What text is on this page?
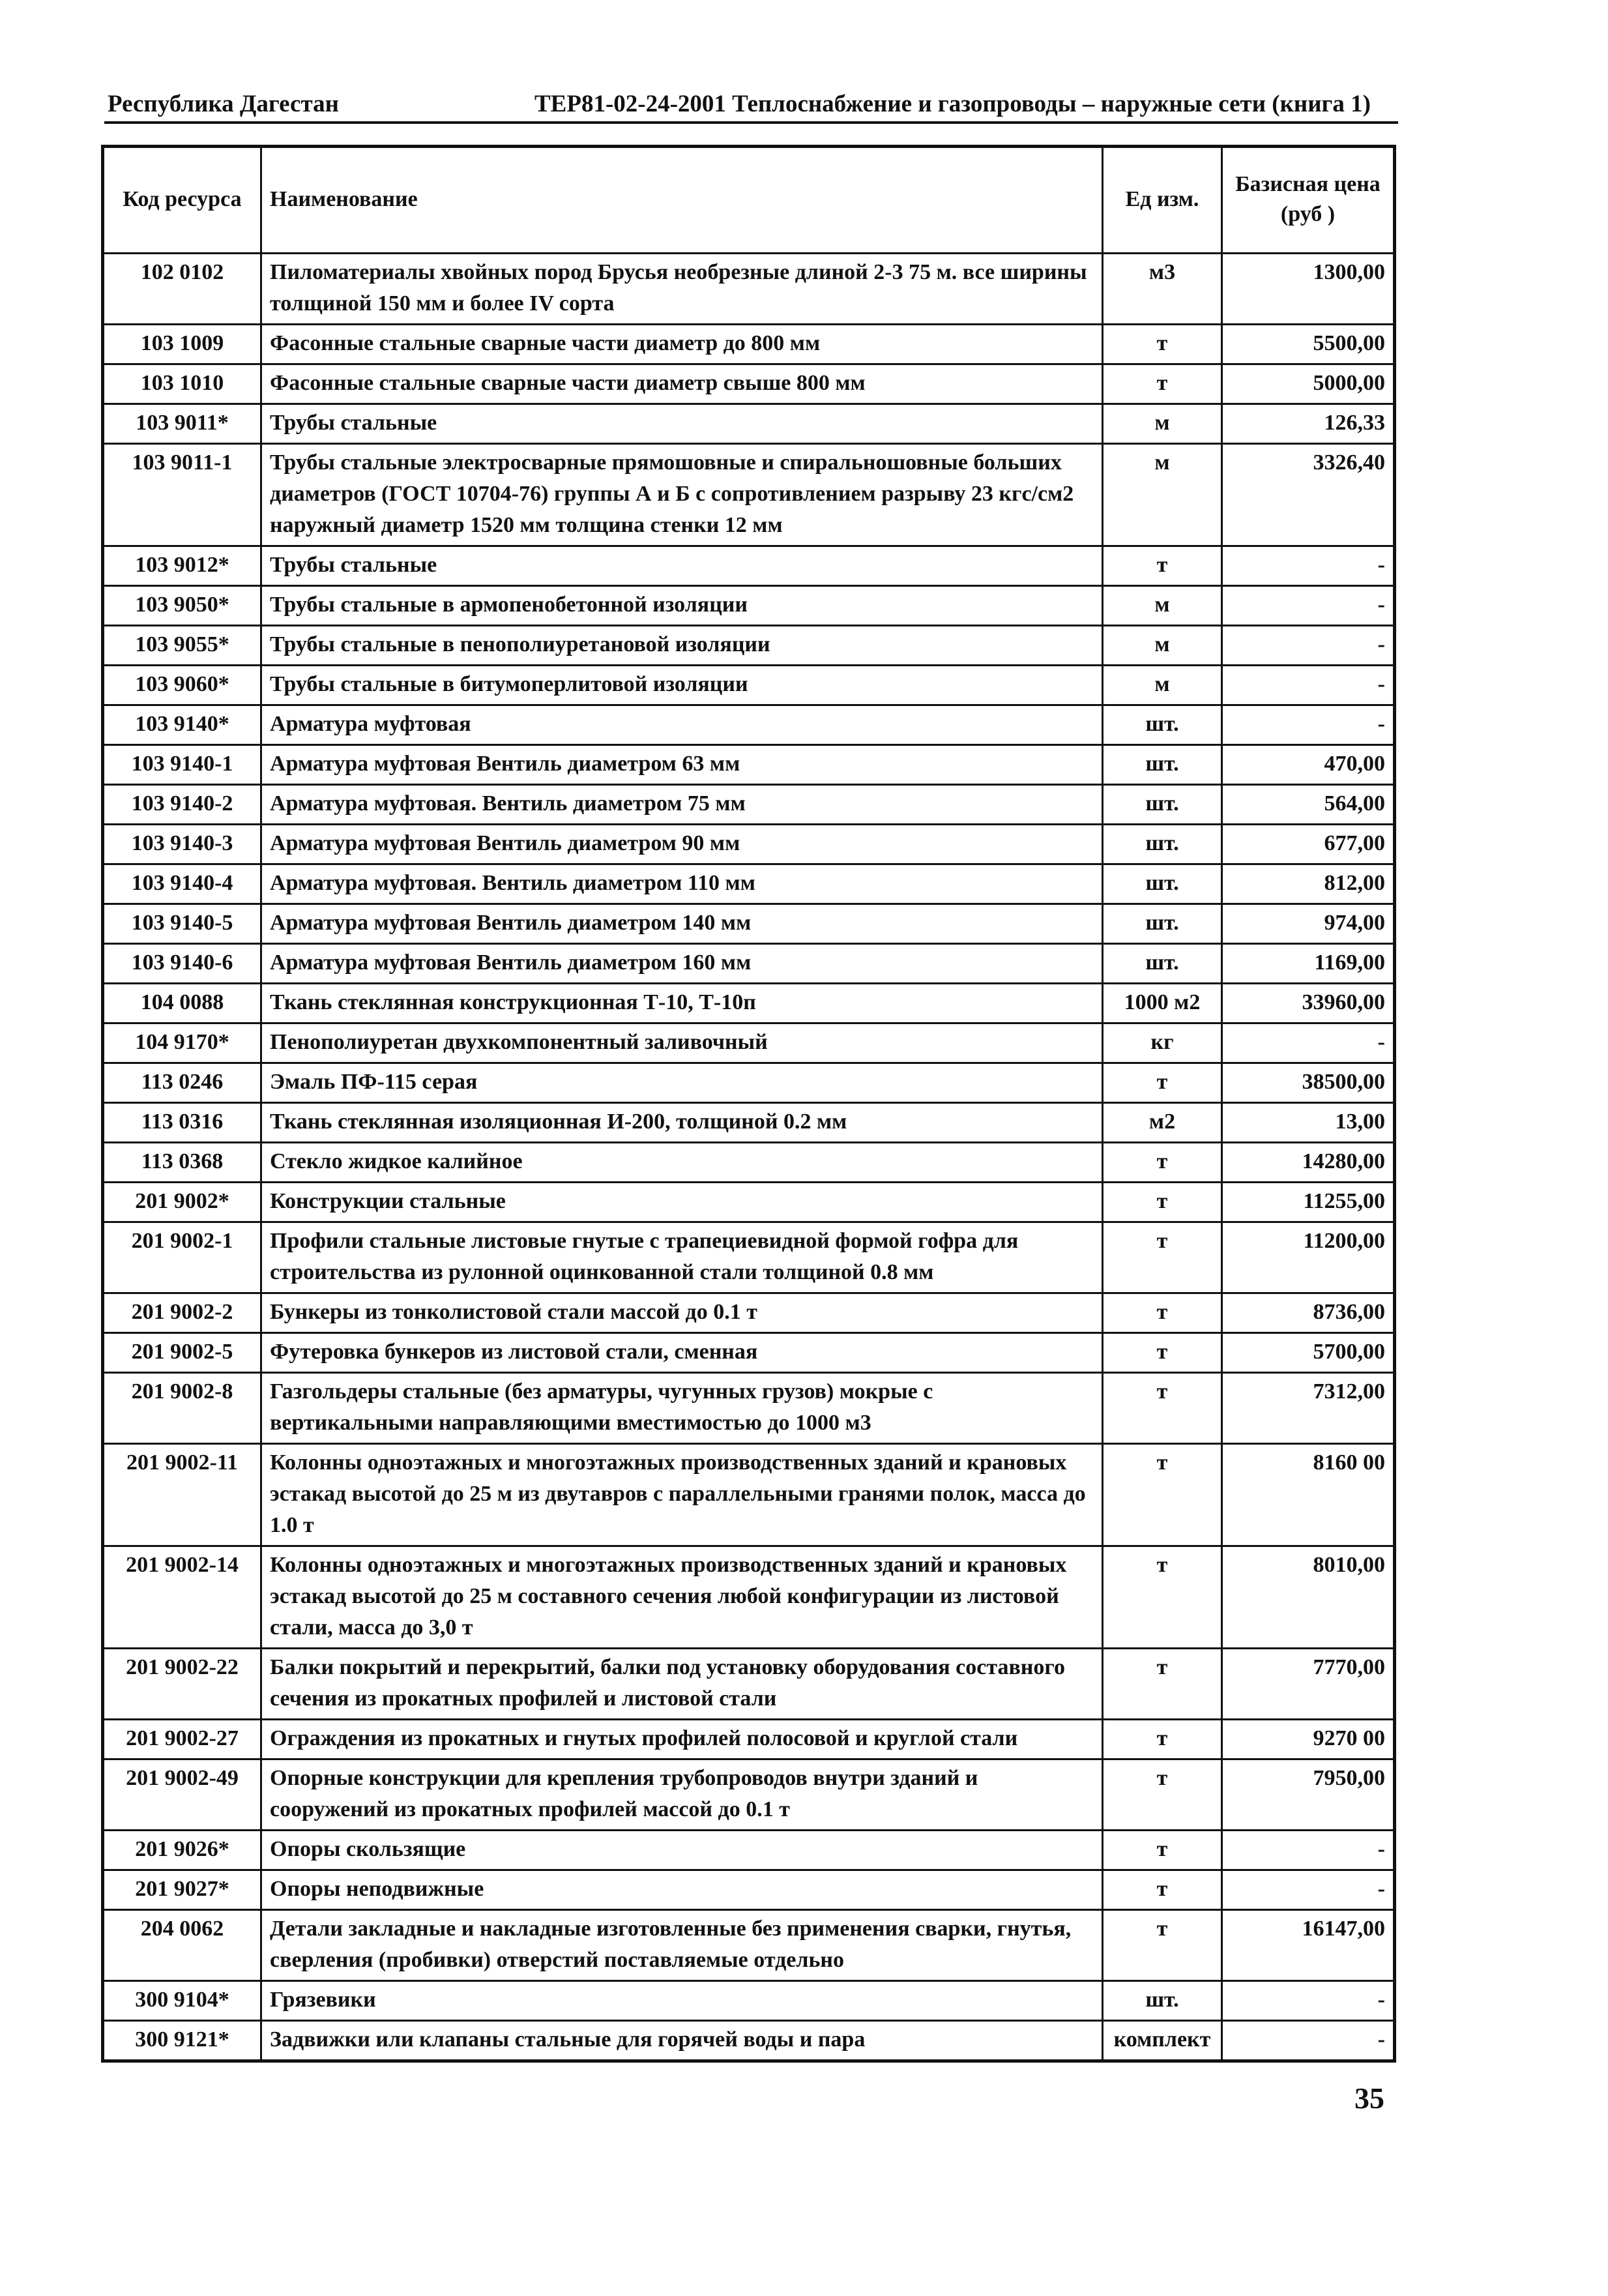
Республика Дагестан	ТЕР81-02-24-2001 Теплоснабжение и газопроводы – наружные сети (книга 1)
Код ресурса	Наименование	Ед изм.	Базисная цена (руб )
102 0102	Пиломатериалы хвойных пород Брусья необрезные длиной 2-3 75 м. все ширины толщиной 150 мм и более IV сорта	м3	1300,00
103 1009	Фасонные стальные сварные части диаметр до 800 мм	т	5500,00
103 1010	Фасонные стальные сварные части диаметр свыше 800 мм	т	5000,00
103 9011*	Трубы стальные	м	126,33
103 9011-1	Трубы стальные электросварные прямошовные и спиральношовные больших диаметров (ГОСТ 10704-76) группы А и Б с сопротивлением разрыву 23 кгс/см2 наружный диаметр 1520 мм толщина стенки 12 мм	м	3326,40
103 9012*	Трубы стальные	т	-
103 9050*	Трубы стальные в армопенобетонной изоляции	м	-
103 9055*	Трубы стальные в пенополиуретановой изоляции	м	-
103 9060*	Трубы стальные в битумоперлитовой изоляции	м	-
103 9140*	Арматура муфтовая	шт.	-
103 9140-1	Арматура муфтовая Вентиль диаметром 63 мм	шт.	470,00
103 9140-2	Арматура муфтовая. Вентиль диаметром 75 мм	шт.	564,00
103 9140-3	Арматура муфтовая Вентиль диаметром 90 мм	шт.	677,00
103 9140-4	Арматура муфтовая. Вентиль диаметром 110 мм	шт.	812,00
103 9140-5	Арматура муфтовая Вентиль диаметром 140 мм	шт.	974,00
103 9140-6	Арматура муфтовая Вентиль диаметром 160 мм	шт.	1169,00
104 0088	Ткань стеклянная конструкционная Т-10, Т-10п	1000 м2	33960,00
104 9170*	Пенополиуретан двухкомпонентный заливочный	кг	-
113 0246	Эмаль ПФ-115 серая	т	38500,00
113 0316	Ткань стеклянная изоляционная И-200, толщиной 0.2 мм	м2	13,00
113 0368	Стекло жидкое калийное	т	14280,00
201 9002*	Конструкции стальные	т	11255,00
201 9002-1	Профили стальные листовые гнутые с трапециевидной формой гофра для строительства из рулонной оцинкованной стали толщиной 0.8 мм	т	11200,00
201 9002-2	Бункеры из тонколистовой стали массой до 0.1 т	т	8736,00
201 9002-5	Футеровка бункеров из листовой стали, сменная	т	5700,00
201 9002-8	Газгольдеры стальные (без арматуры, чугунных грузов) мокрые с вертикальными направляющими вместимостью до 1000 м3	т	7312,00
201 9002-11	Колонны одноэтажных и многоэтажных производственных зданий и крановых эстакад высотой до 25 м из двутавров с параллельными гранями полок, масса до 1.0 т	т	8160 00
201 9002-14	Колонны одноэтажных и многоэтажных производственных зданий и крановых эстакад высотой до 25 м составного сечения любой конфигурации из листовой стали, масса до 3,0 т	т	8010,00
201 9002-22	Балки покрытий и перекрытий, балки под установку оборудования составного сечения из прокатных профилей и листовой стали	т	7770,00
201 9002-27	Ограждения из прокатных и гнутых профилей полосовой и круглой стали	т	9270 00
201 9002-49	Опорные конструкции для крепления трубопроводов внутри зданий и сооружений из прокатных профилей массой до 0.1 т	т	7950,00
201 9026*	Опоры скользящие	т	-
201 9027*	Опоры неподвижные	т	-
204 0062	Детали закладные и накладные изготовленные без применения сварки, гнутья, сверления (пробивки) отверстий поставляемые отдельно	т	16147,00
300 9104*	Грязевики	шт.	-
300 9121*	Задвижки или клапаны стальные для горячей воды и пара	комплект	-
35
